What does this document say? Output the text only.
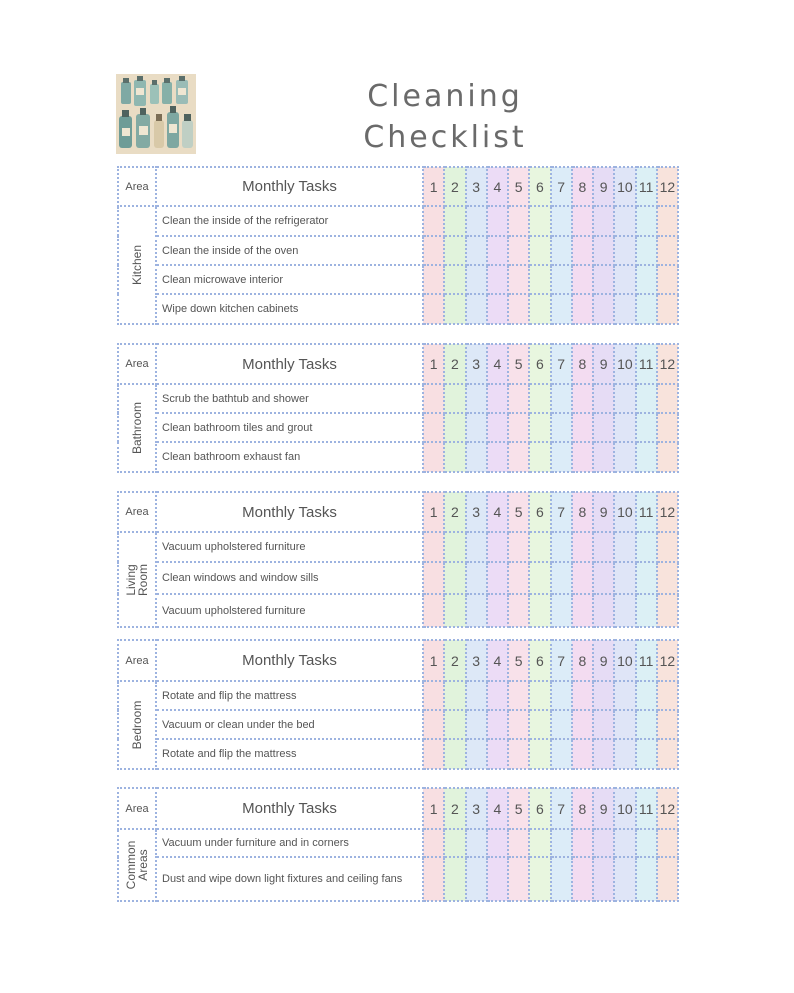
Cleaning
Checklist
Area	Monthly Tasks	1	2	3	4	5	6	7	8	9	10	11	12

Kitchen	Clean the inside of the refrigerator												
	Clean the inside of the oven												
	Clean microwave interior												
	Wipe down kitchen cabinets												
Area	Monthly Tasks	1	2	3	4	5	6	7	8	9	10	11	12

Bathroom	Scrub the bathtub and shower												
	Clean bathroom tiles and grout												
	Clean bathroom exhaust fan												
Area	Monthly Tasks	1	2	3	4	5	6	7	8	9	10	11	12

Living
Room	Vacuum upholstered furniture												
	Clean windows and window sills												
	Vacuum upholstered furniture												
Area	Monthly Tasks	1	2	3	4	5	6	7	8	9	10	11	12

Bedroom	Rotate and flip the mattress												
	Vacuum or clean under the bed												
	Rotate and flip the mattress												
Area	Monthly Tasks	1	2	3	4	5	6	7	8	9	10	11	12

Common
Areas	Vacuum under furniture and in corners												
	Dust and wipe down light fixtures and ceiling fans												
